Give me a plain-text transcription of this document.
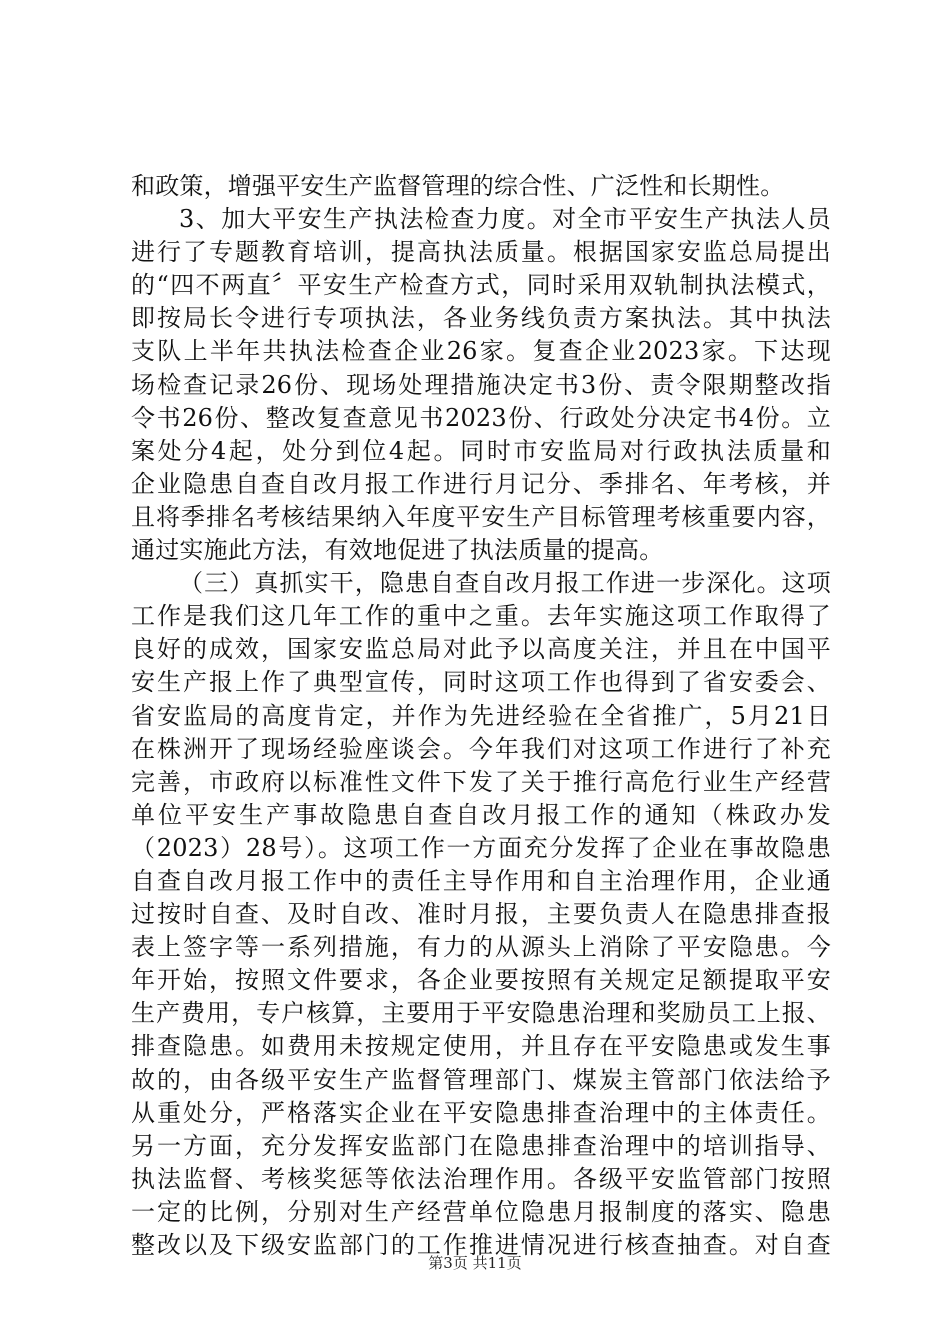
和政策，增强平安生产监督管理的综合性、广泛性和长期性。
3、加大平安生产执法检查力度。对全市平安生产执法人员
进行了专题教育培训，提高执法质量。根据国家安监总局提出
的“四不两直〞平安生产检查方式，同时采用双轨制执法模式，
即按局长令进行专项执法，各业务线负责方案执法。其中执法
支队上半年共执法检查企业26家。复查企业2023家。下达现
场检查记录26份、现场处理措施决定书3份、责令限期整改指
令书26份、整改复查意见书2023份、行政处分决定书4份。立
案处分4起，处分到位4起。同时市安监局对行政执法质量和
企业隐患自查自改月报工作进行月记分、季排名、年考核，并
且将季排名考核结果纳入年度平安生产目标管理考核重要内容，
通过实施此方法，有效地促进了执法质量的提高。
（三）真抓实干，隐患自查自改月报工作进一步深化。这项
工作是我们这几年工作的重中之重。去年实施这项工作取得了
良好的成效，国家安监总局对此予以高度关注，并且在中国平
安生产报上作了典型宣传，同时这项工作也得到了省安委会、
省安监局的高度肯定，并作为先进经验在全省推广，5月21日
在株洲开了现场经验座谈会。今年我们对这项工作进行了补充
完善，市政府以标准性文件下发了关于推行高危行业生产经营
单位平安生产事故隐患自查自改月报工作的通知（株政办发
（2023）28号）。这项工作一方面充分发挥了企业在事故隐患
自查自改月报工作中的责任主导作用和自主治理作用，企业通
过按时自查、及时自改、准时月报，主要负责人在隐患排查报
表上签字等一系列措施，有力的从源头上消除了平安隐患。今
年开始，按照文件要求，各企业要按照有关规定足额提取平安
生产费用，专户核算，主要用于平安隐患治理和奖励员工上报、
排查隐患。如费用未按规定使用，并且存在平安隐患或发生事
故的，由各级平安生产监督管理部门、煤炭主管部门依法给予
从重处分，严格落实企业在平安隐患排查治理中的主体责任。
另一方面，充分发挥安监部门在隐患排查治理中的培训指导、
执法监督、考核奖惩等依法治理作用。各级平安监管部门按照
一定的比例，分别对生产经营单位隐患月报制度的落实、隐患
整改以及下级安监部门的工作推进情况进行核查抽查。对自查
第3页 共11页
